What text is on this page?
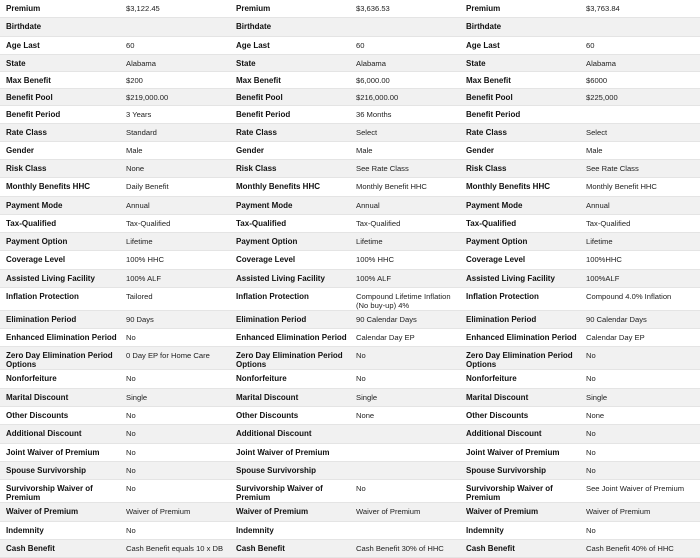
Premium	$3,122.45	Premium	$3,636.53	Premium	$3,763.84

Birthdate		Birthdate		Birthdate	

Age Last	60	Age Last	60	Age Last	60

State	Alabama	State	Alabama	State	Alabama

Max Benefit	$200	Max Benefit	$6,000.00	Max Benefit	$6000

Benefit Pool	$219,000.00	Benefit Pool	$216,000.00	Benefit Pool	$225,000

Benefit Period	3 Years	Benefit Period	36 Months	Benefit Period	

Rate Class	Standard	Rate Class	Select	Rate Class	Select

Gender	Male	Gender	Male	Gender	Male

Risk Class	None	Risk Class	See Rate Class	Risk Class	See Rate Class

Monthly Benefits HHC	Daily Benefit	Monthly Benefits HHC	Monthly Benefit HHC	Monthly Benefits HHC	Monthly Benefit HHC

Payment Mode	Annual	Payment Mode	Annual	Payment Mode	Annual

Tax-Qualified	Tax-Qualified	Tax-Qualified	Tax-Qualified	Tax-Qualified	Tax-Qualified

Payment Option	Lifetime	Payment Option	Lifetime	Payment Option	Lifetime

Coverage Level	100% HHC	Coverage Level	100% HHC	Coverage Level	100%HHC

Assisted Living Facility	100% ALF	Assisted Living Facility	100% ALF	Assisted Living Facility	100%ALF

Inflation Protection	Tailored	Inflation Protection	Compound Lifetime Inflation (No buy-up) 4%	Inflation Protection	Compound 4.0% Inflation

Elimination Period	90 Days	Elimination Period	90 Calendar Days	Elimination Period	90 Calendar Days

Enhanced Elimination Period	No	Enhanced Elimination Period	Calendar Day EP	Enhanced Elimination Period	Calendar Day EP

Zero Day Elimination Period Options	0 Day EP for Home Care	Zero Day Elimination Period Options	No	Zero Day Elimination Period Options	No

Nonforfeiture	No	Nonforfeiture	No	Nonforfeiture	No

Marital Discount	Single	Marital Discount	Single	Marital Discount	Single

Other Discounts	No	Other Discounts	None	Other Discounts	None

Additional Discount	No	Additional Discount		Additional Discount	No

Joint Waiver of Premium	No	Joint Waiver of Premium		Joint Waiver of Premium	No

Spouse Survivorship	No	Spouse Survivorship		Spouse Survivorship	No

Survivorship Waiver of Premium	No	Survivorship Waiver of Premium	No	Survivorship Waiver of Premium	See Joint Waiver of Premium

Waiver of Premium	Waiver of Premium	Waiver of Premium	Waiver of Premium	Waiver of Premium	Waiver of Premium

Indemnity	No	Indemnity		Indemnity	No

Cash Benefit	Cash Benefit equals 10 x DB	Cash Benefit	Cash Benefit 30% of HHC	Cash Benefit	Cash Benefit 40% of HHC
